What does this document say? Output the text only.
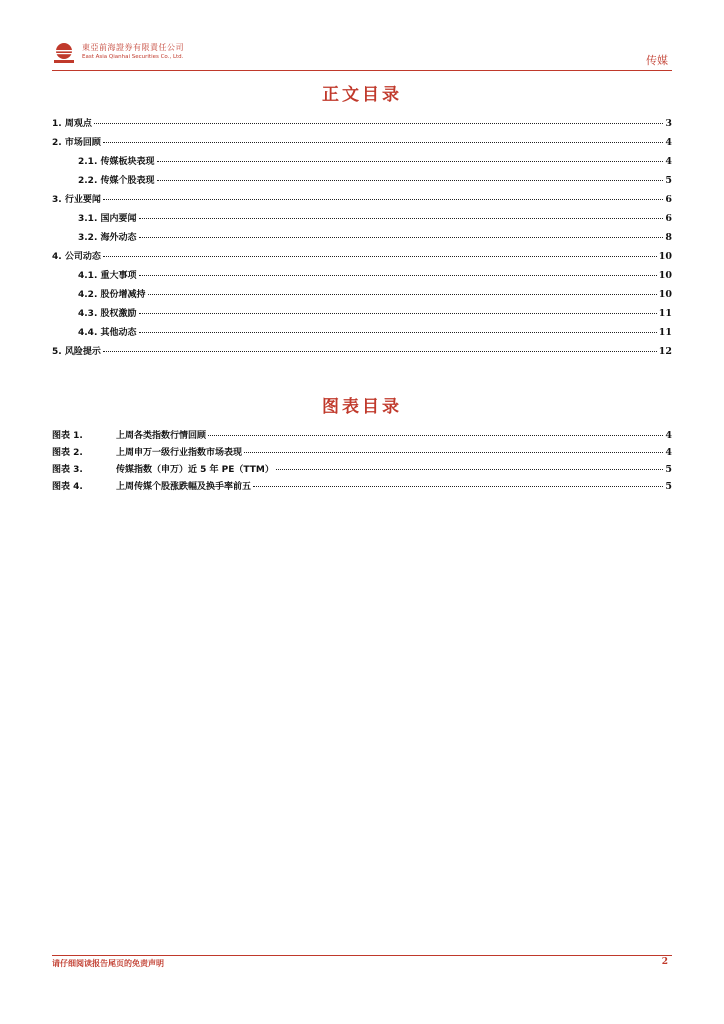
東亞前海證券有限責任公司
East Asia Qianhai Securities Co., Ltd.	传媒
正文目录
1. 周观点	3
2. 市场回顾	4
2.1. 传媒板块表现	4
2.2. 传媒个股表现	5
3. 行业要闻	6
3.1. 国内要闻	6
3.2. 海外动态	8
4. 公司动态	10
4.1. 重大事项	10
4.2. 股份增减持	10
4.3. 股权激励	11
4.4. 其他动态	11
5. 风险提示	12
图表目录
图表 1.	上周各类指数行情回顾	4
图表 2.	上周申万一级行业指数市场表现	4
图表 3.	传媒指数（申万）近 5 年 PE（TTM）	5
图表 4.	上周传媒个股涨跌幅及换手率前五	5
请仔细阅读报告尾页的免责声明	2
